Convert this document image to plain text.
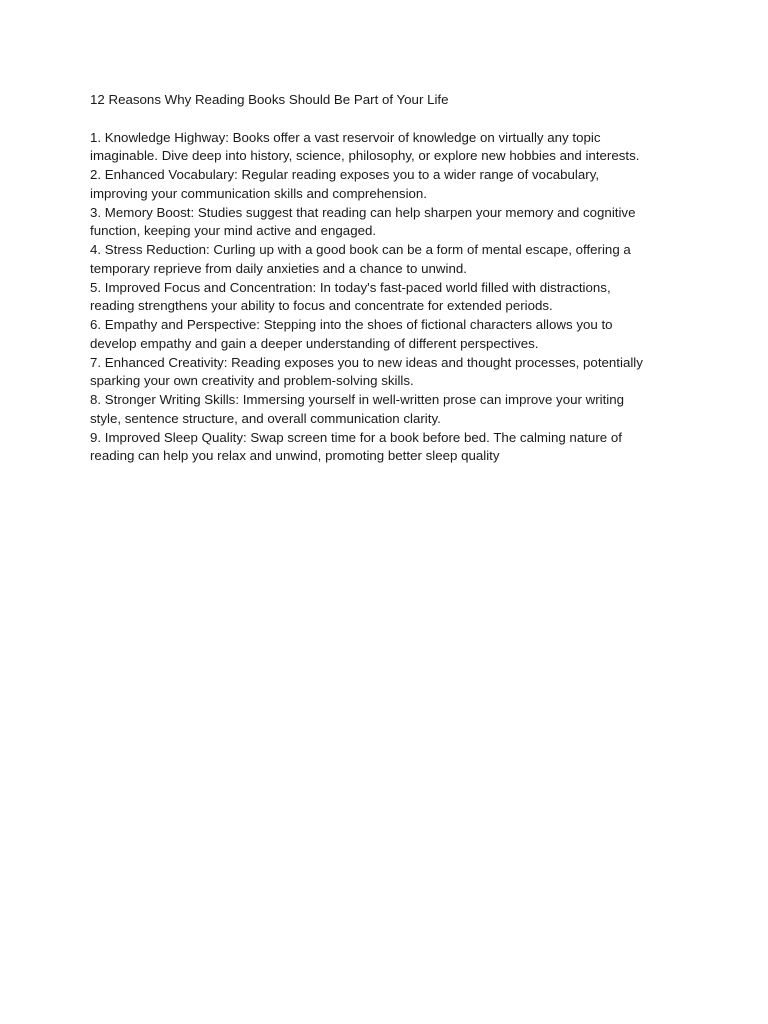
12 Reasons Why Reading Books Should Be Part of Your Life
1. Knowledge Highway: Books offer a vast reservoir of knowledge on virtually any topic
imaginable. Dive deep into history, science, philosophy, or explore new hobbies and interests.
2. Enhanced Vocabulary: Regular reading exposes you to a wider range of vocabulary,
improving your communication skills and comprehension.
3. Memory Boost: Studies suggest that reading can help sharpen your memory and cognitive
function, keeping your mind active and engaged.
4. Stress Reduction: Curling up with a good book can be a form of mental escape, offering a
temporary reprieve from daily anxieties and a chance to unwind.
5. Improved Focus and Concentration: In today's fast-paced world filled with distractions,
reading strengthens your ability to focus and concentrate for extended periods.
6. Empathy and Perspective: Stepping into the shoes of fictional characters allows you to
develop empathy and gain a deeper understanding of different perspectives.
7. Enhanced Creativity: Reading exposes you to new ideas and thought processes, potentially
sparking your own creativity and problem-solving skills.
8. Stronger Writing Skills: Immersing yourself in well-written prose can improve your writing
style, sentence structure, and overall communication clarity.
9. Improved Sleep Quality: Swap screen time for a book before bed. The calming nature of
reading can help you relax and unwind, promoting better sleep quality
